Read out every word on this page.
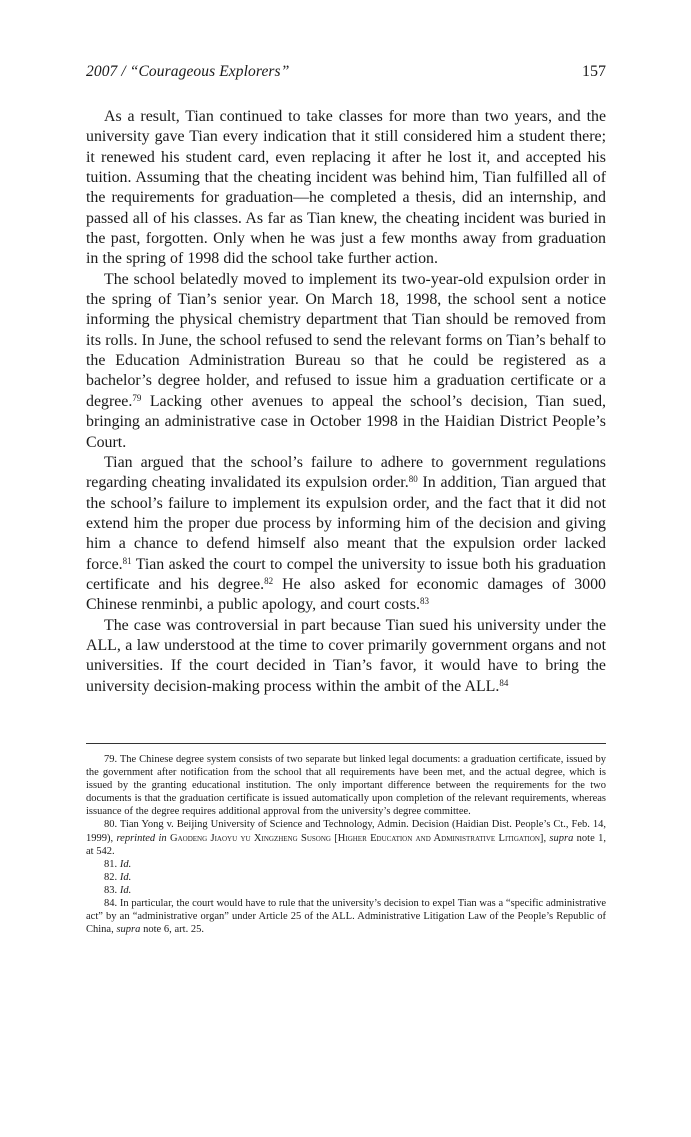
2007 / “Courageous Explorers”	157

As a result, Tian continued to take classes for more than two years, and the university gave Tian every indication that it still considered him a student there; it renewed his student card, even replacing it after he lost it, and accepted his tuition. Assuming that the cheating incident was behind him, Tian fulfilled all of the requirements for graduation—he completed a thesis, did an internship, and passed all of his classes. As far as Tian knew, the cheating incident was buried in the past, forgotten. Only when he was just a few months away from graduation in the spring of 1998 did the school take further action.

The school belatedly moved to implement its two-year-old expulsion order in the spring of Tian’s senior year. On March 18, 1998, the school sent a notice informing the physical chemistry department that Tian should be removed from its rolls. In June, the school refused to send the relevant forms on Tian’s behalf to the Education Administration Bureau so that he could be registered as a bachelor’s degree holder, and refused to issue him a graduation certificate or a degree.$^{79}$ Lacking other avenues to appeal the school’s decision, Tian sued, bringing an administrative case in October 1998 in the Haidian District People’s Court.

Tian argued that the school’s failure to adhere to government regulations regarding cheating invalidated its expulsion order.$^{80}$ In addition, Tian argued that the school’s failure to implement its expulsion order, and the fact that it did not extend him the proper due process by informing him of the decision and giving him a chance to defend himself also meant that the expulsion order lacked force.$^{81}$ Tian asked the court to compel the university to issue both his graduation certificate and his degree.$^{82}$ He also asked for economic damages of 3000 Chinese renminbi, a public apology, and court costs.$^{83}$

The case was controversial in part because Tian sued his university under the ALL, a law understood at the time to cover primarily government organs and not universities. If the court decided in Tian’s favor, it would have to bring the university decision-making process within the ambit of the ALL.$^{84}$

79. The Chinese degree system consists of two separate but linked legal documents: a graduation certificate, issued by the government after notification from the school that all requirements have been met, and the actual degree, which is issued by the granting educational institution. The only important difference between the requirements for the two documents is that the graduation certificate is issued automatically upon completion of the relevant requirements, whereas issuance of the degree requires additional approval from the university’s degree committee.

80. Tian Yong v. Beijing University of Science and Technology, Admin. Decision (Haidian Dist. People’s Ct., Feb. 14, 1999), reprinted in Gaodeng Jiaoyu yu Xingzheng Susong [Higher Education and Administrative Litigation], supra note 1, at 542.

81. Id.

82. Id.

83. Id.

84. In particular, the court would have to rule that the university’s decision to expel Tian was a “specific administrative act” by an “administrative organ” under Article 25 of the ALL. Administrative Litigation Law of the People’s Republic of China, supra note 6, art. 25.
